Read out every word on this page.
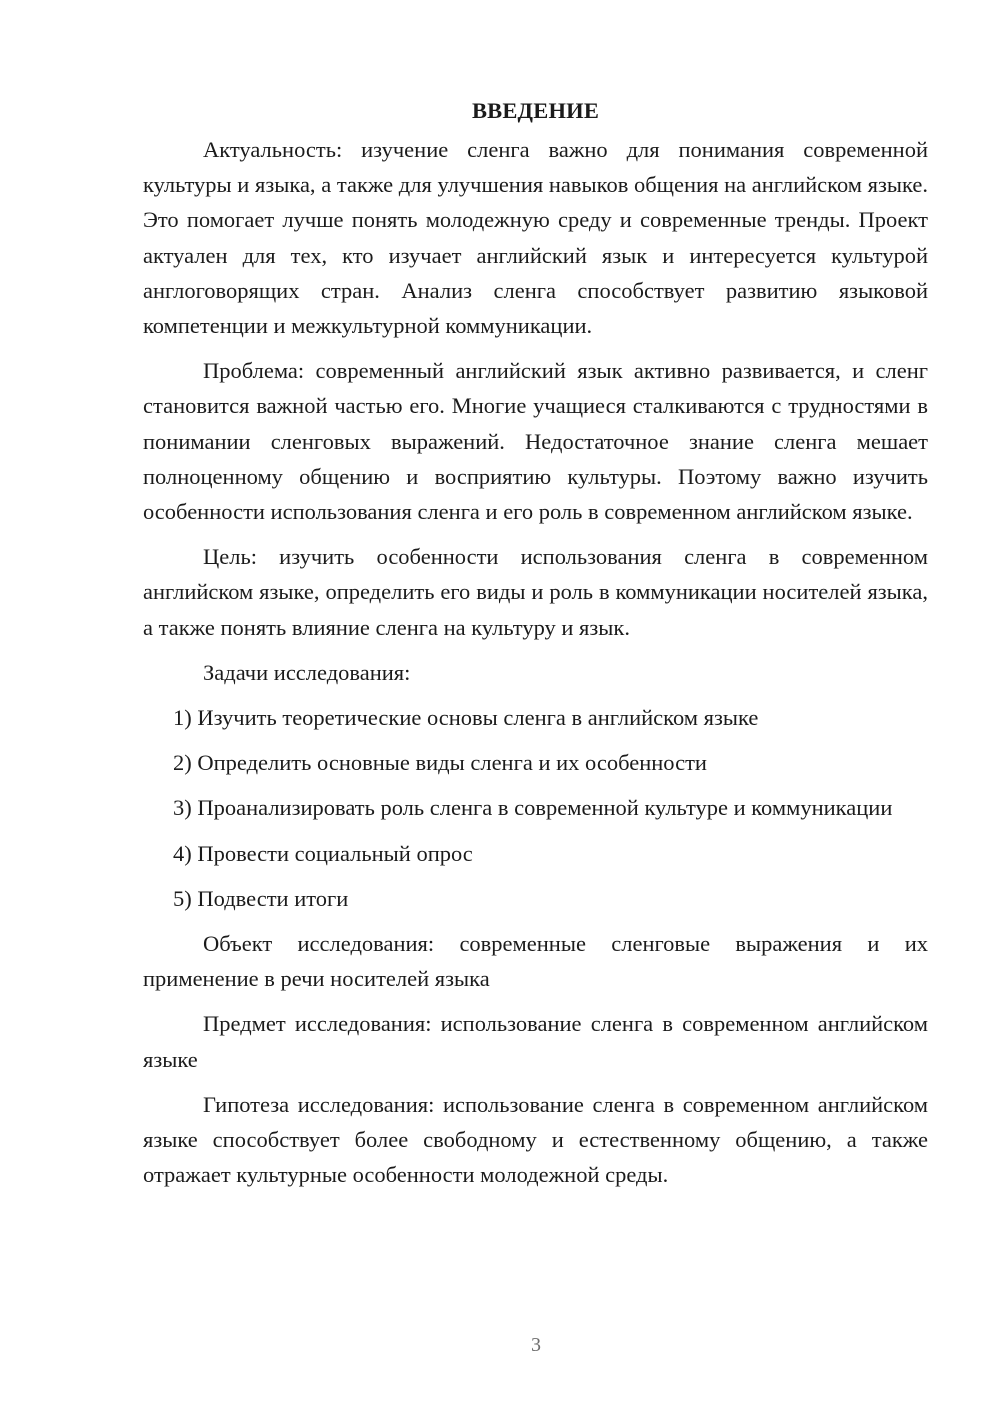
ВВЕДЕНИЕ

Актуальность: изучение сленга важно для понимания современной культуры и языка, а также для улучшения навыков общения на английском языке. Это помогает лучше понять молодежную среду и современные тренды. Проект актуален для тех, кто изучает английский язык и интересуется культурой англоговорящих стран. Анализ сленга способствует развитию языковой компетенции и межкультурной коммуникации.

Проблема: современный английский язык активно развивается, и сленг становится важной частью его. Многие учащиеся сталкиваются с трудностями в понимании сленговых выражений. Недостаточное знание сленга мешает полноценному общению и восприятию культуры. Поэтому важно изучить особенности использования сленга и его роль в современном английском языке.

Цель: изучить особенности использования сленга в современном английском языке, определить его виды и роль в коммуникации носителей языка, а также понять влияние сленга на культуру и язык.

Задачи исследования:

1) Изучить теоретические основы сленга в английском языке

2) Определить основные виды сленга и их особенности

3) Проанализировать роль сленга в современной культуре и коммуникации

4) Провести социальный опрос

5) Подвести итоги

Объект исследования: современные сленговые выражения и их применение в речи носителей языка

Предмет исследования: использование сленга в современном английском языке

Гипотеза исследования: использование сленга в современном английском языке способствует более свободному и естественному общению, а также отражает культурные особенности молодежной среды.

3
